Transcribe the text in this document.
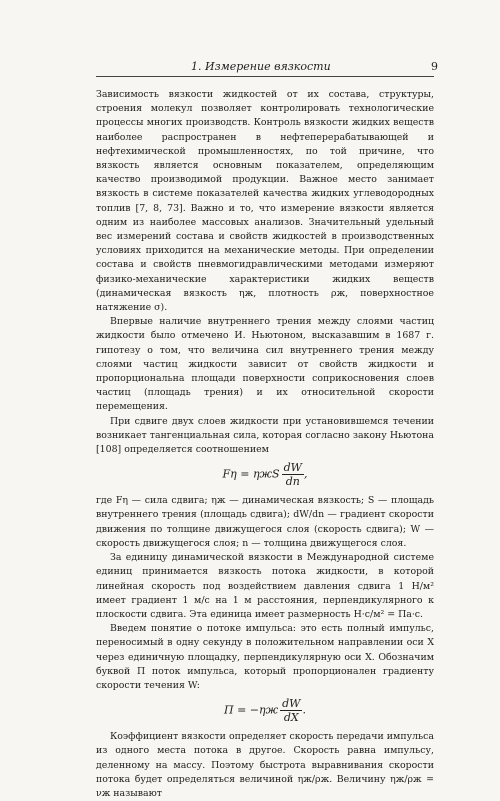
1. Измерение вязкости	9

Зависимость вязкости жидкостей от их состава, структуры, строения молекул позволяет контролировать технологические процессы многих производств. Контроль вязкости жидких веществ наиболее распространен в нефтеперерабатывающей и нефтехимической промышленностях, по той причине, что вязкость является основным показателем, определяющим качество производимой продукции. Важное место занимает вязкость в системе показателей качества жидких углеводородных топлив [7, 8, 73]. Важно и то, что измерение вязкости является одним из наиболее массовых анализов. Значительный удельный вес измерений состава и свойств жидкостей в производственных условиях приходится на механические методы. При определении состава и свойств пневмогидравлическими методами измеряют физико-механические характеристики жидких веществ (динамическая вязкость ηж, плотность ρж, поверхностное натяжение σ).

Впервые наличие внутреннего трения между слоями частиц жидкости было отмечено И. Ньютоном, высказавшим в 1687 г. гипотезу о том, что величина сил внутреннего трения между слоями частиц жидкости зависит от свойств жидкости и пропорциональна площади поверхности соприкосновения слоев частиц (площадь трения) и их относительной скорости перемещения.

При сдвиге двух слоев жидкости при установившемся течении возникает тангенциальная сила, которая согласно закону Ньютона [108] определяется соотношением

Fη = ηжS $\frac{dW}{dn}$ ,

где Fη — сила сдвига; ηж — динамическая вязкость; S — площадь внутреннего трения (площадь сдвига); dW/dn — градиент скорости движения по толщине движущегося слоя (скорость сдвига); W — скорость движущегося слоя; n — толщина движущегося слоя.

За единицу динамической вязкости в Международной системе единиц принимается вязкость потока жидкости, в которой линейная скорость под воздействием давления сдвига 1 Н/м² имеет градиент 1 м/с на 1 м расстояния, перпендикулярного к плоскости сдвига. Эта единица имеет размерность Н·с/м² = Па·с.

Введем понятие о потоке импульса: это есть полный импульс, переносимый в одну секунду в положительном направлении оси X через единичную площадку, перпендикулярную оси X. Обозначим буквой П поток импульса, который пропорционален градиенту скорости течения W:

$П = -\eta ж \frac{dW}{dX}$ .

Коэффициент вязкости определяет скорость передачи импульса из одного места потока в другое. Скорость равна импульсу, деленному на массу. Поэтому быстрота выравнивания скорости потока будет определяться величиной ηж/ρж. Величину ηж/ρж = νж называют
